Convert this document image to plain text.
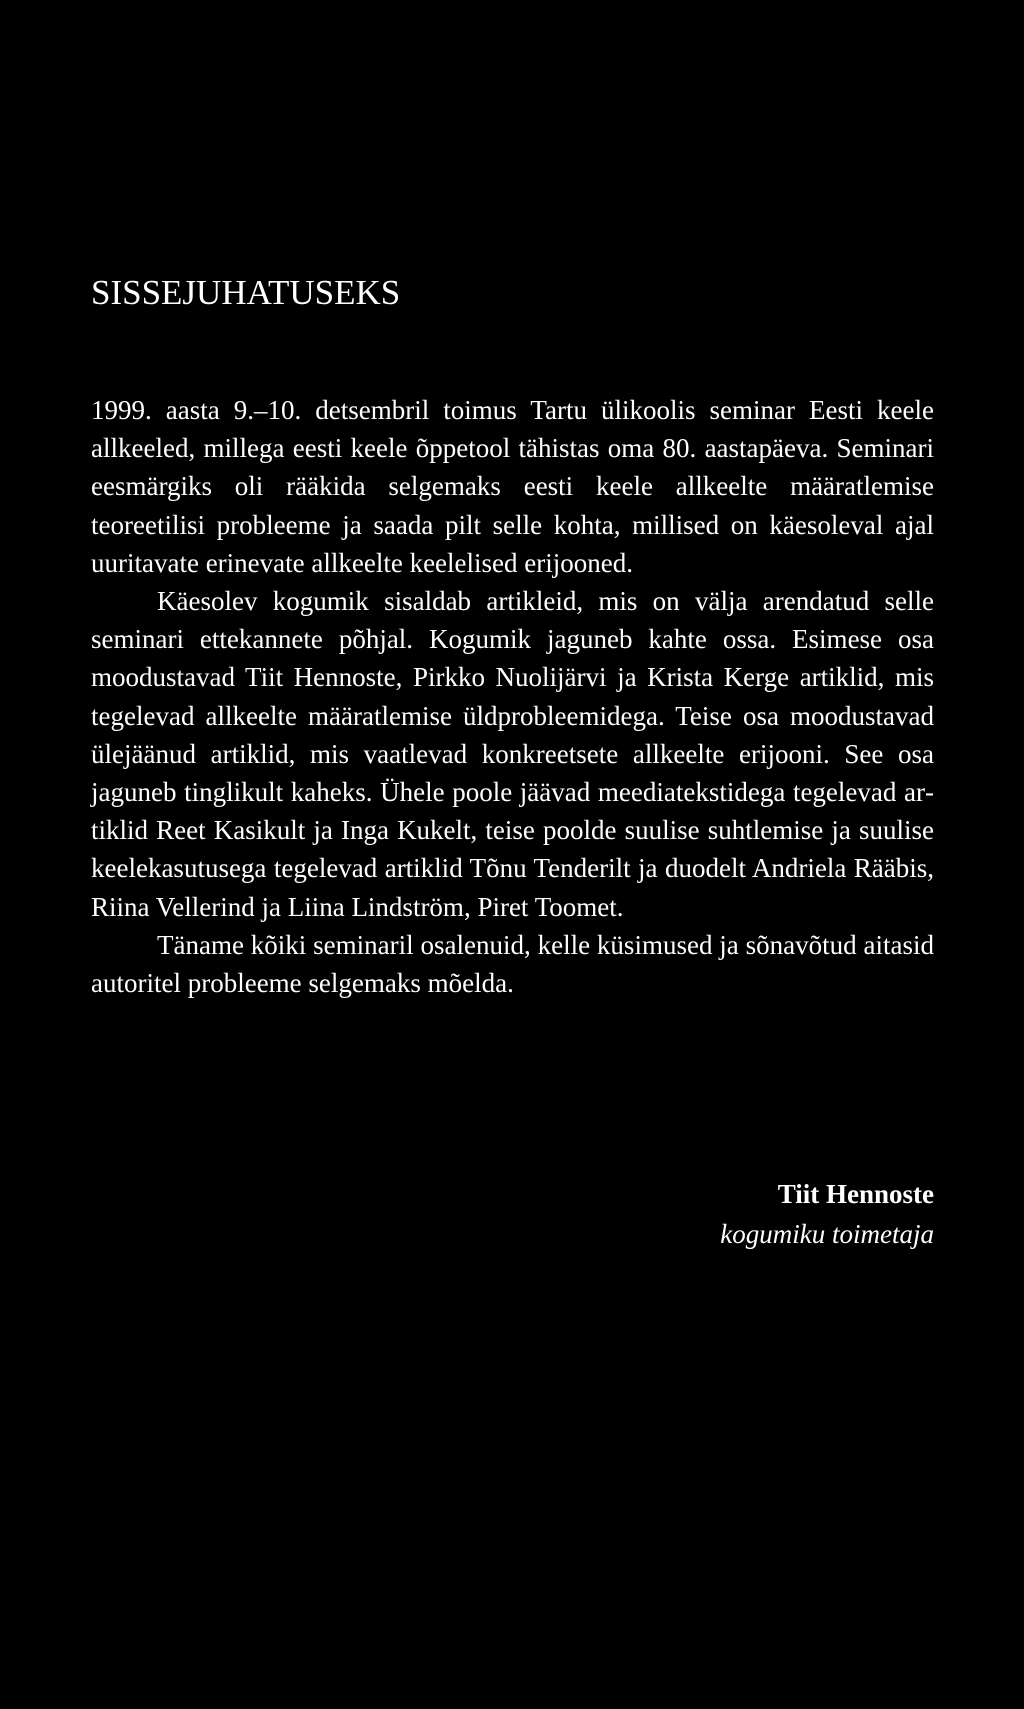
SISSEJUHATUSEKS

1999. aasta 9.–10. detsembril toimus Tartu ülikoolis seminar Eesti keele allkeeled, millega eesti keele õppetool tähistas oma 80. aastapäeva. Seminari eesmärgiks oli rääkida selgemaks eesti keele allkeelte määratlemise teoreetilisi probleeme ja saada pilt selle kohta, millised on käesoleval ajal uuritavate erinevate allkeelte keelelised erijooned.

Käesolev kogumik sisaldab artikleid, mis on välja arendatud selle seminari ettekannete põhjal. Kogumik jaguneb kahte ossa. Esimese osa moodustavad Tiit Hennoste, Pirkko Nuolijärvi ja Krista Kerge artiklid, mis tegelevad allkeelte määratlemise üldprobleemidega. Teise osa moodustavad ülejäänud artiklid, mis vaatlevad konkreetsete allkeelte erijooni. See osa jaguneb tinglikult kaheks. Ühele poole jäävad meediatekstidega tegelevad artiklid Reet Kasikult ja Inga Kukelt, teise poolde suulise suhtlemise ja suulise keelekasutusega tegelevad artiklid Tõnu Tenderilt ja duodelt Andriela Rääbis, Riina Vellerind ja Liina Lindström, Piret Toomet.

Täname kõiki seminaril osalenuid, kelle küsimused ja sõnavõtud aitasid autoritel probleeme selgemaks mõelda.

Tiit Hennoste

kogumiku toimetaja
